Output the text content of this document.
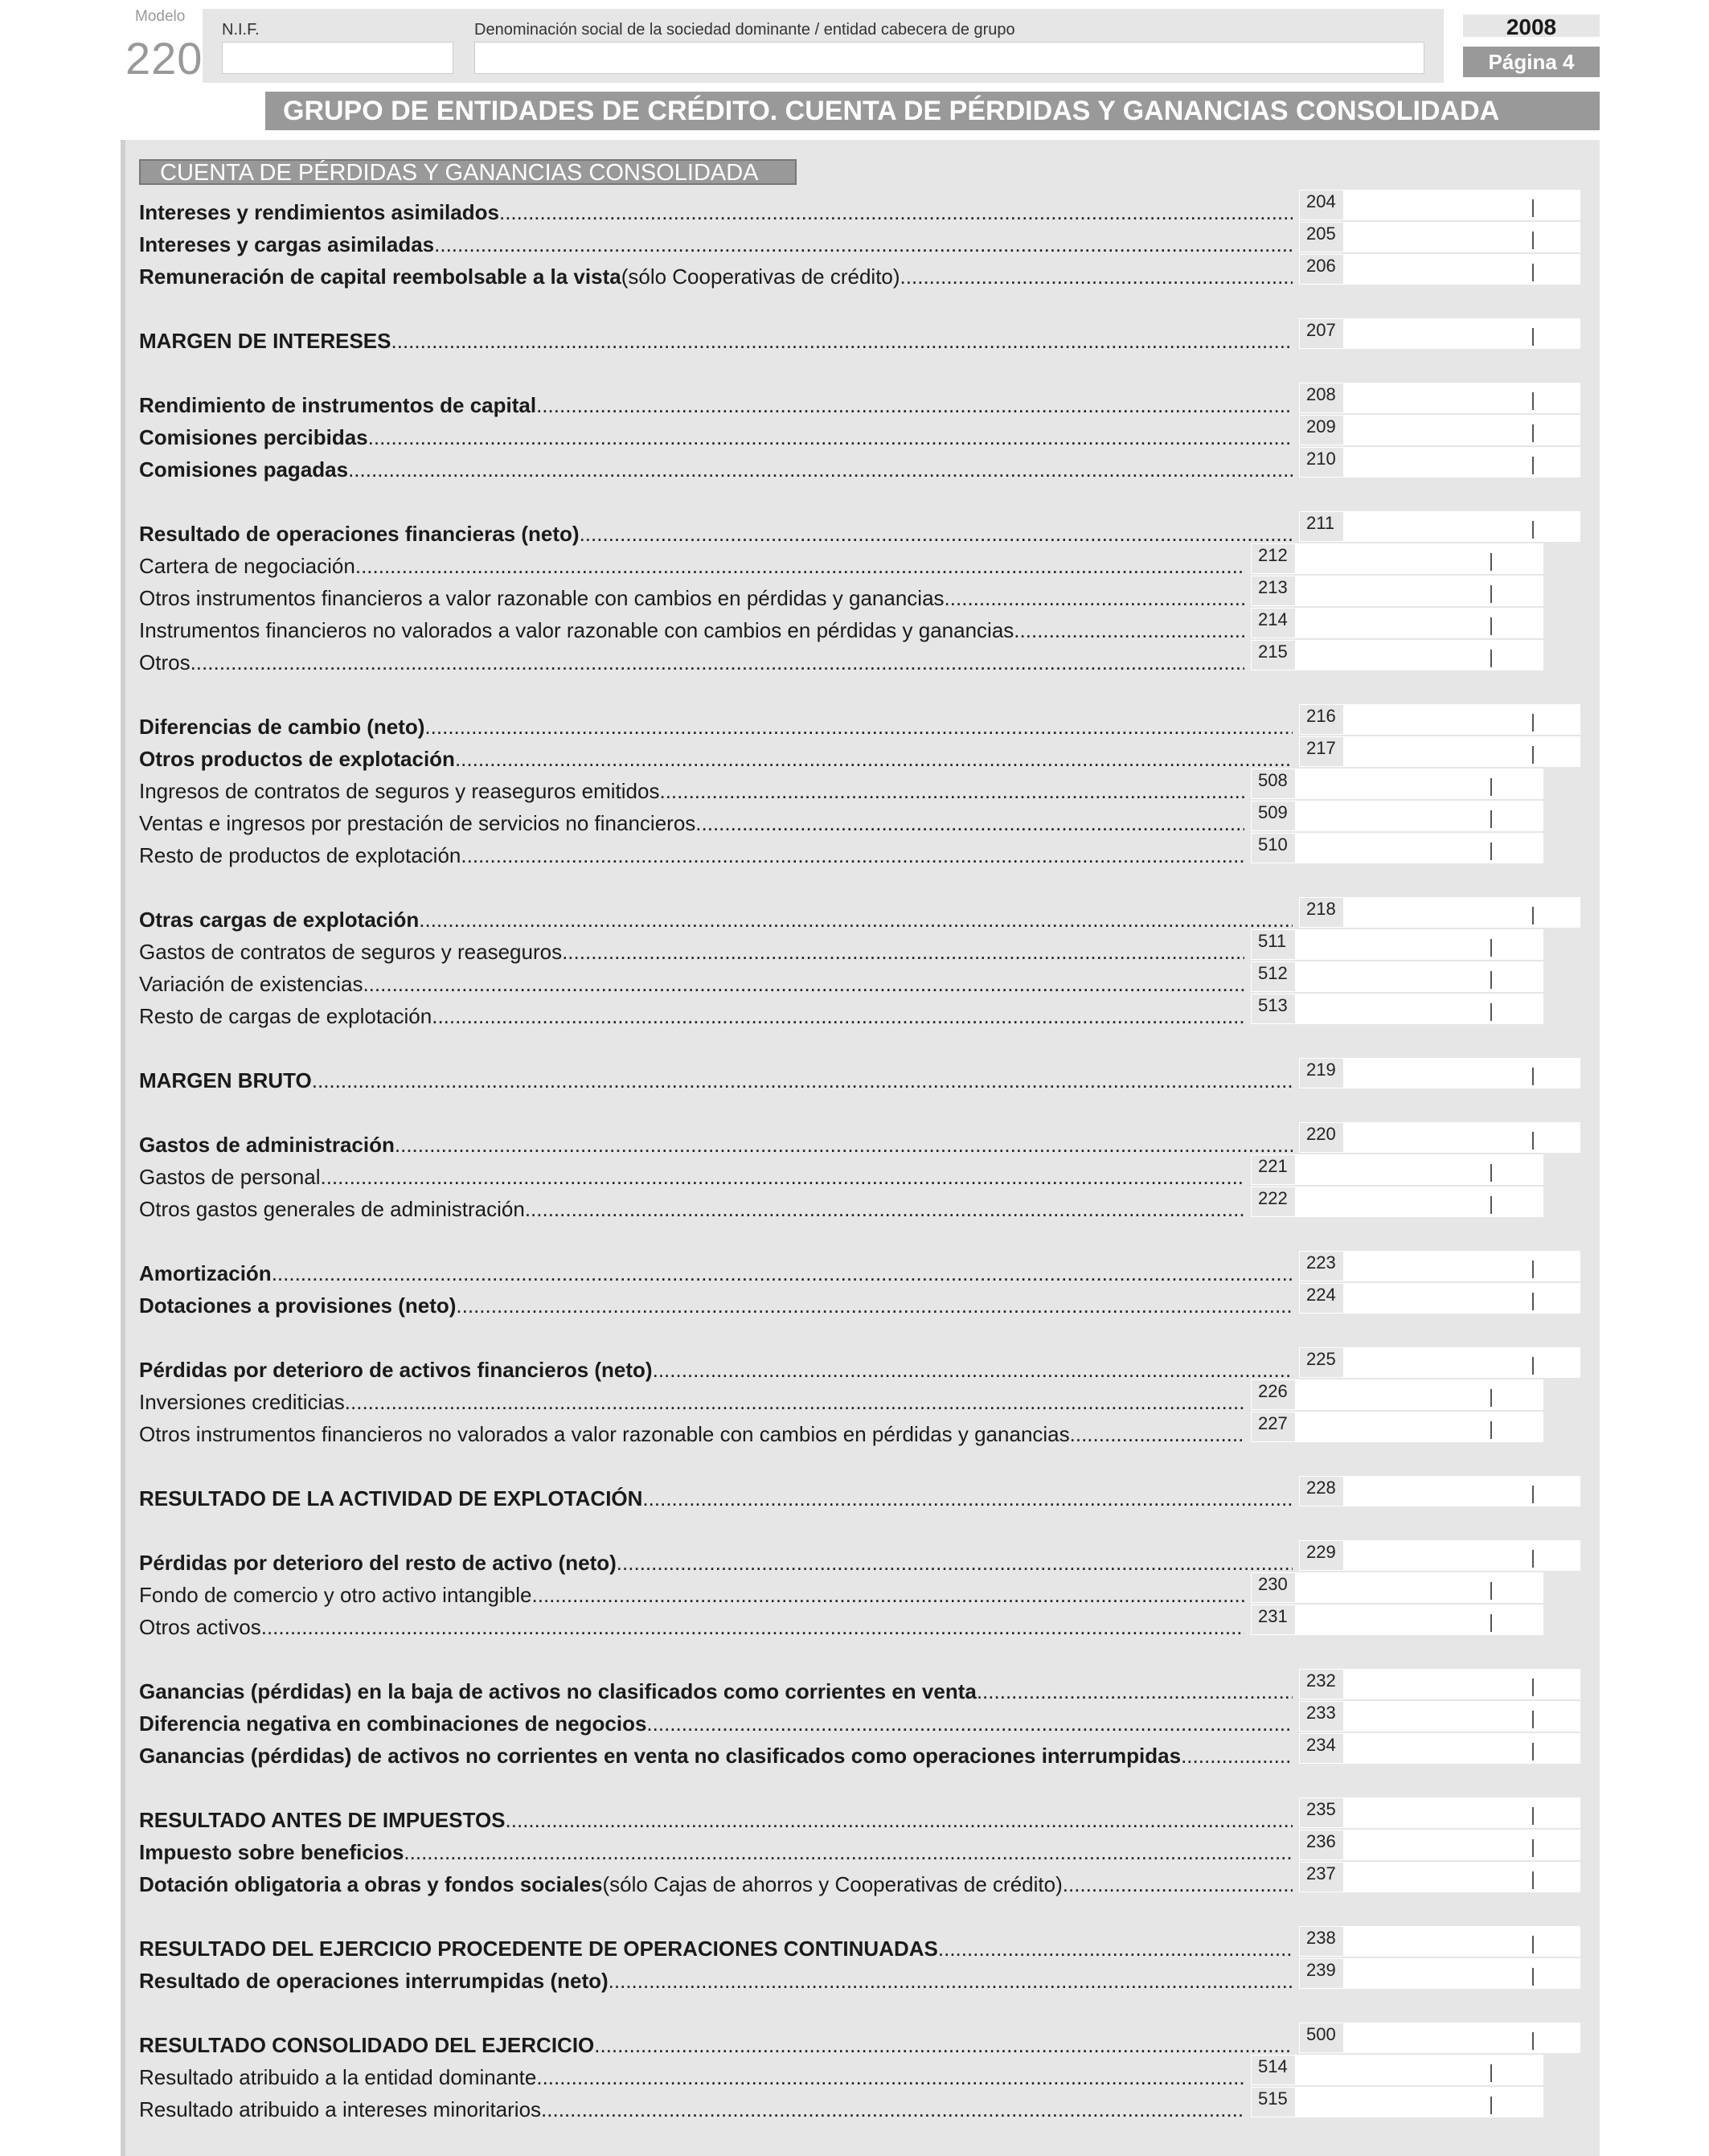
Modelo
220
N.I.F.	Denominación social de la sociedad dominante / entidad cabecera de grupo	2008
Página 4
GRUPO DE ENTIDADES DE CRÉDITO. CUENTA DE PÉRDIDAS Y GANANCIAS CONSOLIDADA
CUENTA DE PÉRDIDAS Y GANANCIAS CONSOLIDADA
Intereses y rendimientos asimilados .....	204
Intereses y cargas asimiladas .....	205
Remuneración de capital reembolsable a la vista (sólo Cooperativas de crédito) .....	206
MARGEN DE INTERESES .....	207
Rendimiento de instrumentos de capital .....	208
Comisiones percibidas .....	209
Comisiones pagadas .....	210
Resultado de operaciones financieras (neto) .....	211
Cartera de negociación .....	212
Otros instrumentos financieros a valor razonable con cambios en pérdidas y ganancias .....	213
Instrumentos financieros no valorados a valor razonable con cambios en pérdidas y ganancias .....	214
Otros .....	215
Diferencias de cambio (neto) .....	216
Otros productos de explotación .....	217
Ingresos de contratos de seguros y reaseguros emitidos .....	508
Ventas e ingresos por prestación de servicios no financieros .....	509
Resto de productos de explotación .....	510
Otras cargas de explotación .....	218
Gastos de contratos de seguros y reaseguros .....	511
Variación de existencias .....	512
Resto de cargas de explotación .....	513
MARGEN BRUTO .....	219
Gastos de administración .....	220
Gastos de personal .....	221
Otros gastos generales de administración .....	222
Amortización .....	223
Dotaciones a provisiones (neto) .....	224
Pérdidas por deterioro de activos financieros (neto) .....	225
Inversiones crediticias .....	226
Otros instrumentos financieros no valorados a valor razonable con cambios en pérdidas y ganancias .....	227
RESULTADO DE LA ACTIVIDAD DE EXPLOTACIÓN .....	228
Pérdidas por deterioro del resto de activo (neto) .....	229
Fondo de comercio y otro activo intangible .....	230
Otros activos .....	231
Ganancias (pérdidas) en la baja de activos no clasificados como corrientes en venta .....	232
Diferencia negativa en combinaciones de negocios .....	233
Ganancias (pérdidas) de activos no corrientes en venta no clasificados como operaciones interrumpidas .....	234
RESULTADO ANTES DE IMPUESTOS .....	235
Impuesto sobre beneficios .....	236
Dotación obligatoria a obras y fondos sociales (sólo Cajas de ahorros y Cooperativas de crédito) .....	237
RESULTADO DEL EJERCICIO PROCEDENTE DE OPERACIONES CONTINUADAS .....	238
Resultado de operaciones interrumpidas (neto) .....	239
RESULTADO CONSOLIDADO DEL EJERCICIO .....	500
Resultado atribuido a la entidad dominante .....	514
Resultado atribuido a intereses minoritarios .....	515
